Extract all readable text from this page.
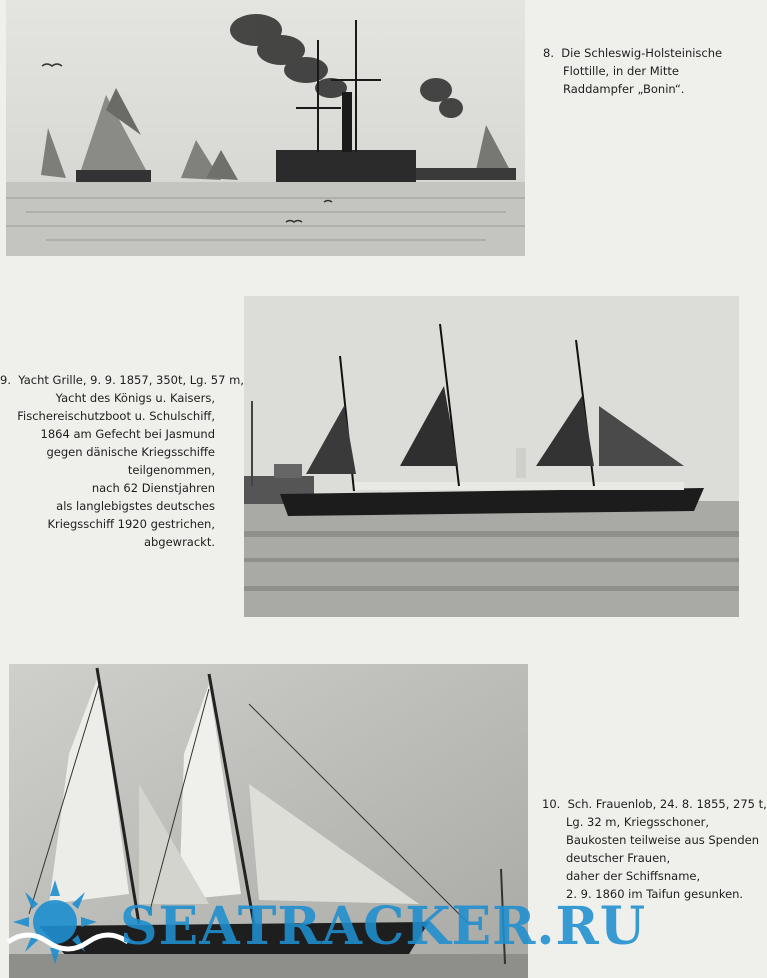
8. Die Schleswig-Holsteinische
Flottille, in der Mitte
Raddampfer „Bonin“.
9. Yacht Grille, 9. 9. 1857, 350t, Lg. 57 m,
Yacht des Königs u. Kaisers,
Fischereischutzboot u. Schulschiff,
1864 am Gefecht bei Jasmund
gegen dänische Kriegsschiffe
teilgenommen,
nach 62 Dienstjahren
als langlebigstes deutsches
Kriegsschiff 1920 gestrichen,
abgewrackt.
10. Sch. Frauenlob, 24. 8. 1855, 275 t,
Lg. 32 m, Kriegsschoner,
Baukosten teilweise aus Spenden
deutscher Frauen,
daher der Schiffsname,
2. 9. 1860 im Taifun gesunken.
SEATRACKER.RU
